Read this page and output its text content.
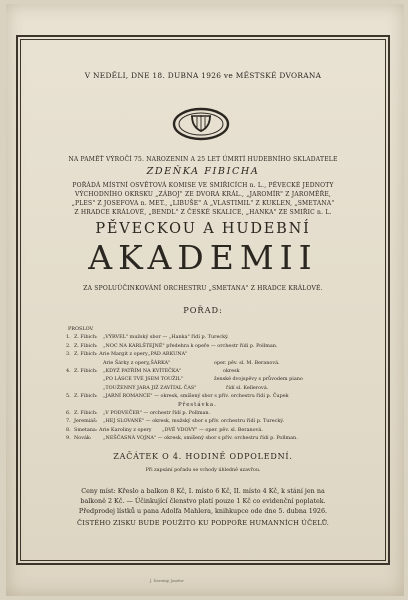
V NEDĚLI, DNE 18. DUBNA 1926 ve MĚSTSKÉ DVORANA
NA PAMĚŤ VÝROČÍ 75. NAROZENIN A 25 LET ÚMRTÍ HUDEBNÍHO SKLADATELE
ZDEŇKA FIBICHA
POŘÁDÁ MÍSTNÍ OSVĚTOVÁ KOMISE VE SMIŘICÍCH n. L., PĚVECKÉ JEDNOTY
VÝCHODNÍHO OKRSKU „ZÁBOJ" ZE DVORA KRÁL., „JAROMÍR" Z JAROMĚŘE,
„PLES" Z JOSEFOVA n. MET., „LIBUŠE" A „VLASTIMIL" Z KUKLEN, „SMETANA"
Z HRADCE KRÁLOVÉ, „BENDL" Z ČESKÉ SKALICE, „HANKA" ZE SMIŘIC n. L.
PĚVECKOU A HUDEBNÍ
AKADEMII
ZA SPOLUÚČINKOVÁNÍ ORCHESTRU „SMETANA" Z HRADCE KRÁLOVÉ.
POŘAD:
PROSLOV.
1. Z. Fibich: „VÝRVEL" mužský sbor — „Hanka" řídí p. Turecký.
2. Z. Fibich: „NOC NA KARLŠTEJNĚ" předehra k opeře — orchestr řídí p. Pollman.
3. Z. Fibich: Arie Margit z opery „PÁD ARKUNA"
Arie Šárky z opery „ŠÁRKA"	oper. pěv. sl. M. Beranová.
4. Z. Fibich: „KDYŽ PATŘÍM NA KVÍTEČKA"	okresk
„PO LÁSCE TVÉ JSEM TOUŽIL"	ženské dvojspěvy s průvodem piano
„TOUŽENNÝ JARA JIŽ ZAVÍTAL ČAS"	řídí sl. Kellerová.
5. Z. Fibich: „JARNÍ ROMANCE" — okresk, smíšený sbor s přív. orchestru řídí p. Čupek
Přestávka.
6. Z. Fibich: „V PODVEČER" — orchestr řídí p. Pollman.
7. Jeremiáš: „HEJ SLOVANÉ" — okresk, mužský sbor s přív. orchestru řídí p. Turecký.
8. Smetana: Arie Karoliny z opery „DVĚ VDOVY" — oper. pěv. sl. Beranová.
9. Novák: „NEŠČASNÁ VOJNA" — okresk, smíšený sbor s přív. orchestru řídí p. Pollman.
ZAČÁTEK O 4. HODINĚ ODPOLEDNÍ.
Při zapsání pořadu se vchody úhledně uzavřou.
Ceny míst: Křeslo a balkon 8 Kč, I. místo 6 Kč, II. místo 4 Kč, k stání jen na
balkoně 2 Kč. — Účinkující členstvo platí pouze 1 Kč co evidenční poplatek.
Předprodej lístků u pana Adolfa Mahlera, knihkupce ode dne 5. dubna 1926.
ČISTÉHO ZISKU BUDE POUŽITO KU PODPOŘE HUMANNÍCH ÚČELŮ.
J. Novotný, Josefov
